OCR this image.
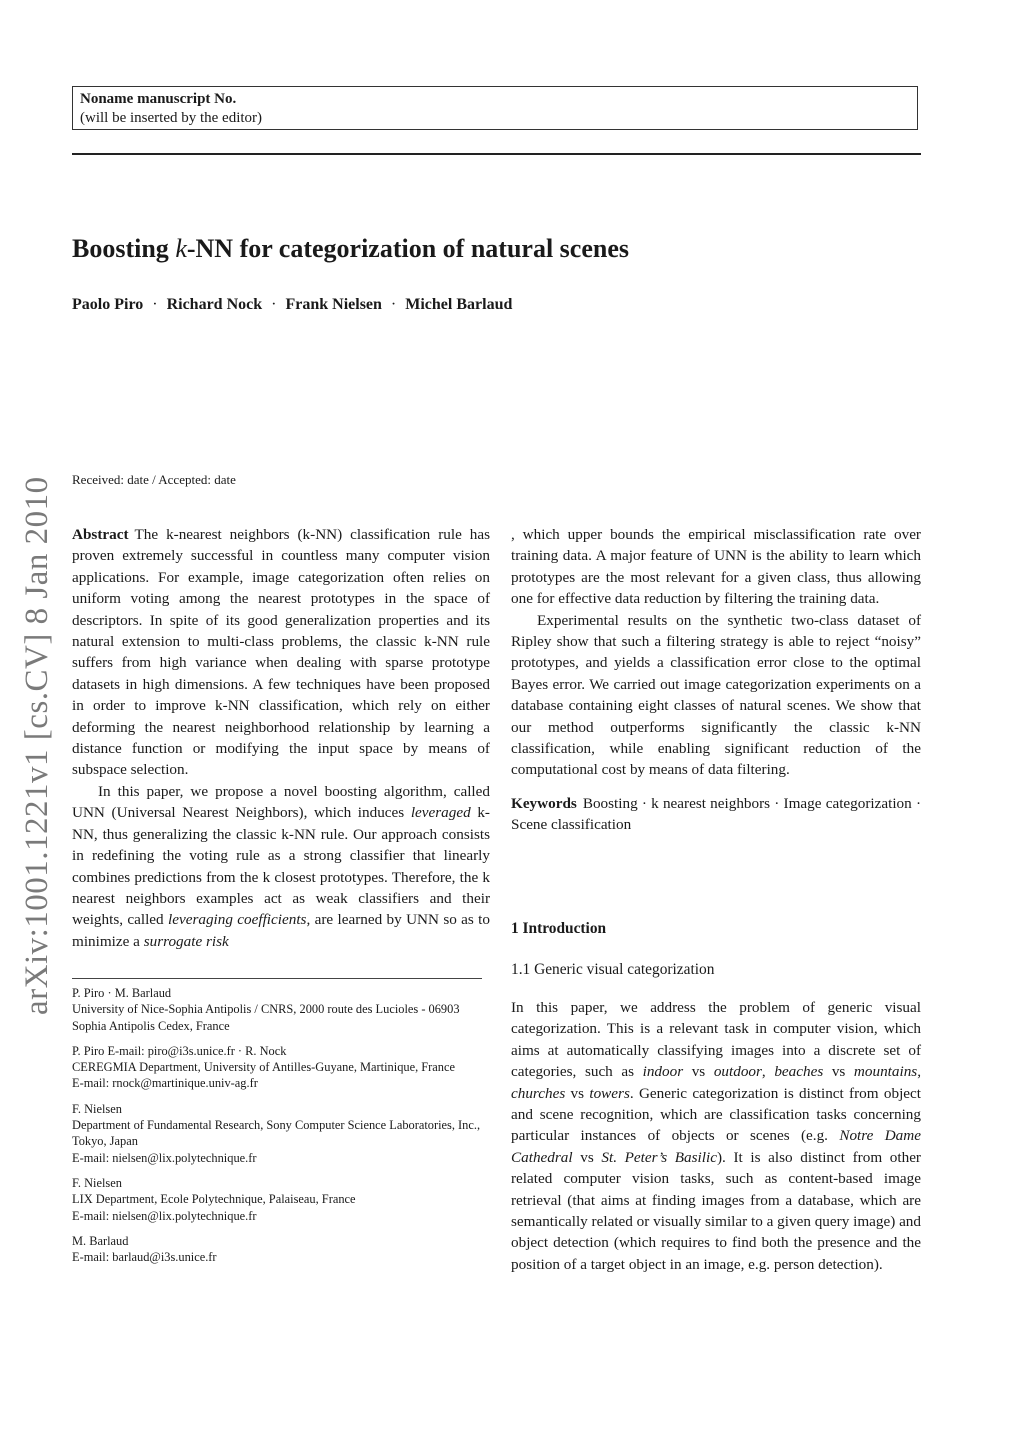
Noname manuscript No.
(will be inserted by the editor)
Boosting k-NN for categorization of natural scenes
Paolo Piro · Richard Nock · Frank Nielsen · Michel Barlaud
arXiv:1001.1221v1 [cs.CV] 8 Jan 2010	Received: date / Accepted: date

Abstract The k-nearest neighbors (k-NN) classification rule has proven extremely successful in countless many computer vision applications. For example, image categorization often relies on uniform voting among the nearest prototypes in the space of descriptors. In spite of its good generalization properties and its natural extension to multi-class problems, the classic k-NN rule suffers from high variance when dealing with sparse prototype datasets in high dimensions. A few techniques have been proposed in order to improve k-NN classification, which rely on either deforming the nearest neighborhood relationship by learning a distance function or modifying the input space by means of subspace selection.

In this paper, we propose a novel boosting algorithm, called UNN (Universal Nearest Neighbors), which induces leveraged k-NN, thus generalizing the classic k-NN rule. Our approach consists in redefining the voting rule as a strong classifier that linearly combines predictions from the k closest prototypes. Therefore, the k nearest neighbors examples act as weak classifiers and their weights, called leveraging coefficients, are learned by UNN so as to minimize a surrogate risk

P. Piro · M. Barlaud
University of Nice-Sophia Antipolis / CNRS, 2000 route des Lucioles - 06903 Sophia Antipolis Cedex, France
P. Piro E-mail: piro@i3s.unice.fr · R. Nock
CEREGMIA Department, University of Antilles-Guyane, Martinique, France
E-mail: rnock@martinique.univ-ag.fr
F. Nielsen
Department of Fundamental Research, Sony Computer Science Laboratories, Inc., Tokyo, Japan
E-mail: nielsen@lix.polytechnique.fr
F. Nielsen
LIX Department, Ecole Polytechnique, Palaiseau, France
E-mail: nielsen@lix.polytechnique.fr
M. Barlaud
E-mail: barlaud@i3s.unice.fr

, which upper bounds the empirical misclassification rate over training data. A major feature of UNN is the ability to learn which prototypes are the most relevant for a given class, thus allowing one for effective data reduction by filtering the training data.

Experimental results on the synthetic two-class dataset of Ripley show that such a filtering strategy is able to reject “noisy” prototypes, and yields a classification error close to the optimal Bayes error. We carried out image categorization experiments on a database containing eight classes of natural scenes. We show that our method outperforms significantly the classic k-NN classification, while enabling significant reduction of the computational cost by means of data filtering.

Keywords Boosting · k nearest neighbors · Image categorization · Scene classification

1 Introduction
1.1 Generic visual categorization

In this paper, we address the problem of generic visual categorization. This is a relevant task in computer vision, which aims at automatically classifying images into a discrete set of categories, such as indoor vs outdoor, beaches vs mountains, churches vs towers. Generic categorization is distinct from object and scene recognition, which are classification tasks concerning particular instances of objects or scenes (e.g. Notre Dame Cathedral vs St. Peter’s Basilic). It is also distinct from other related computer vision tasks, such as content-based image retrieval (that aims at finding images from a database, which are semantically related or visually similar to a given query image) and object detection (which requires to find both the presence and the position of a target object in an image, e.g. person detection).
